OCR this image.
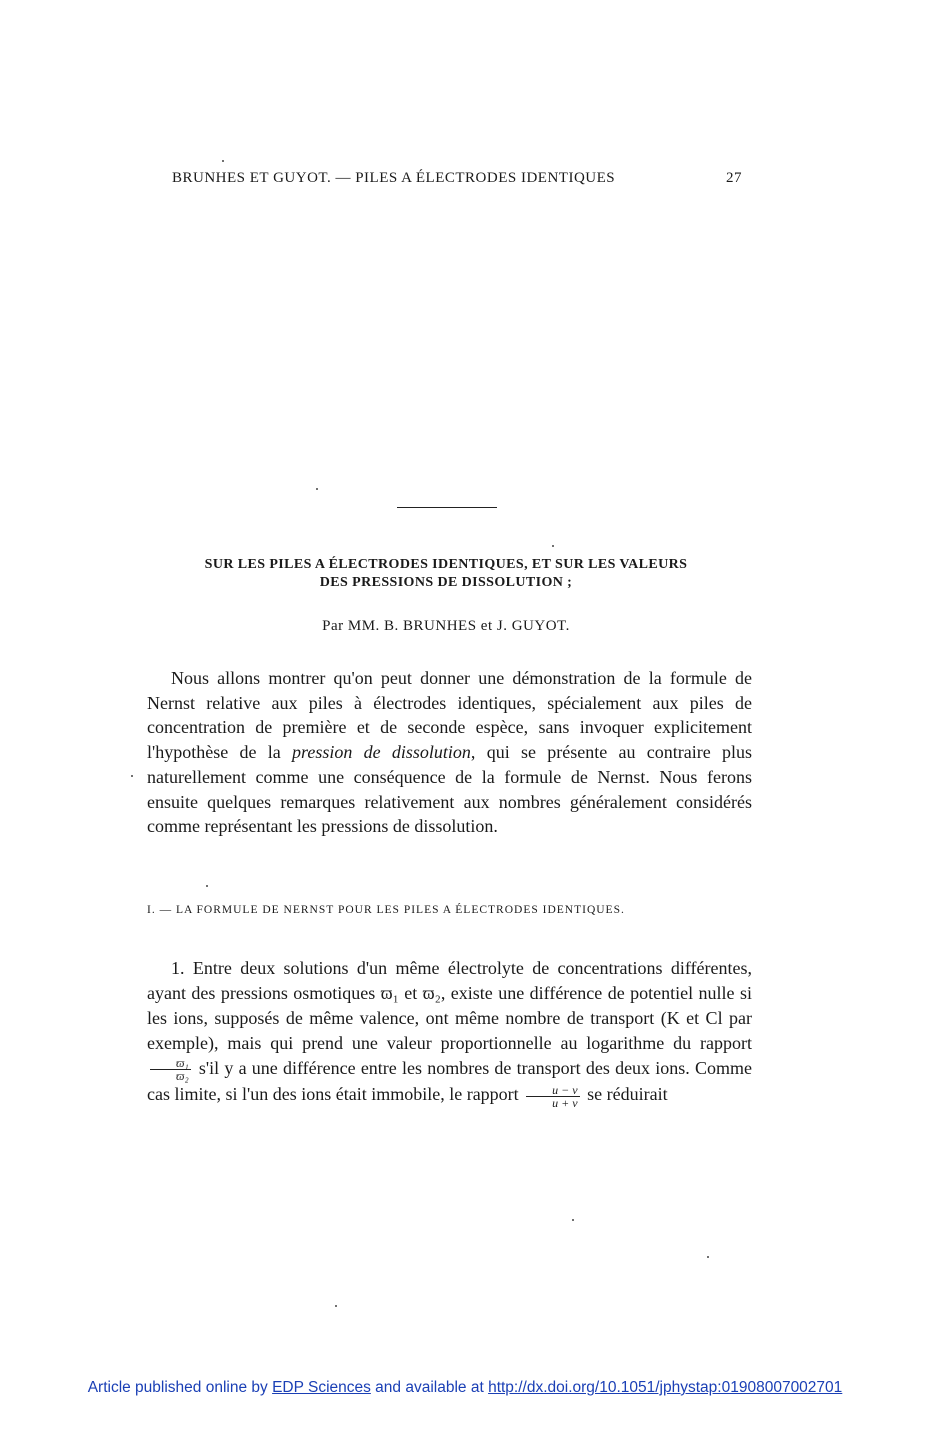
BRUNHES ET GUYOT. — PILES A ÉLECTRODES IDENTIQUES	27
SUR LES PILES A ÉLECTRODES IDENTIQUES, ET SUR LES VALEURS
DES PRESSIONS DE DISSOLUTION ;
Par MM. B. BRUNHES et J. GUYOT.

Nous allons montrer qu'on peut donner une démonstration de la formule de Nernst relative aux piles à électrodes identiques, spécialement aux piles de concentration de première et de seconde espèce, sans invoquer explicitement l'hypothèse de la pression de dissolution, qui se présente au contraire plus naturellement comme une conséquence de la formule de Nernst. Nous ferons ensuite quelques remarques relativement aux nombres généralement considérés comme représentant les pressions de dissolution.

I. — LA FORMULE DE NERNST POUR LES PILES A ÉLECTRODES IDENTIQUES.

1. Entre deux solutions d'un même électrolyte de concentrations différentes, ayant des pressions osmotiques ϖ₁ et ϖ₂, existe une différence de potentiel nulle si les ions, supposés de même valence, ont même nombre de transport (K et Cl par exemple), mais qui prend une valeur proportionnelle au logarithme du rapport
$\frac{\text{ϖ₁}}{\text{ϖ₂}} s'il$ y a une différence entre les nombres de transport des deux ions. Comme cas limite, si l'un des ions était immobile, le rapport $\frac{u - v}{u + v}$ se réduirait

Article published online by EDP Sciences and available at http://dx.doi.org/10.1051/jphystap:01908007002701
